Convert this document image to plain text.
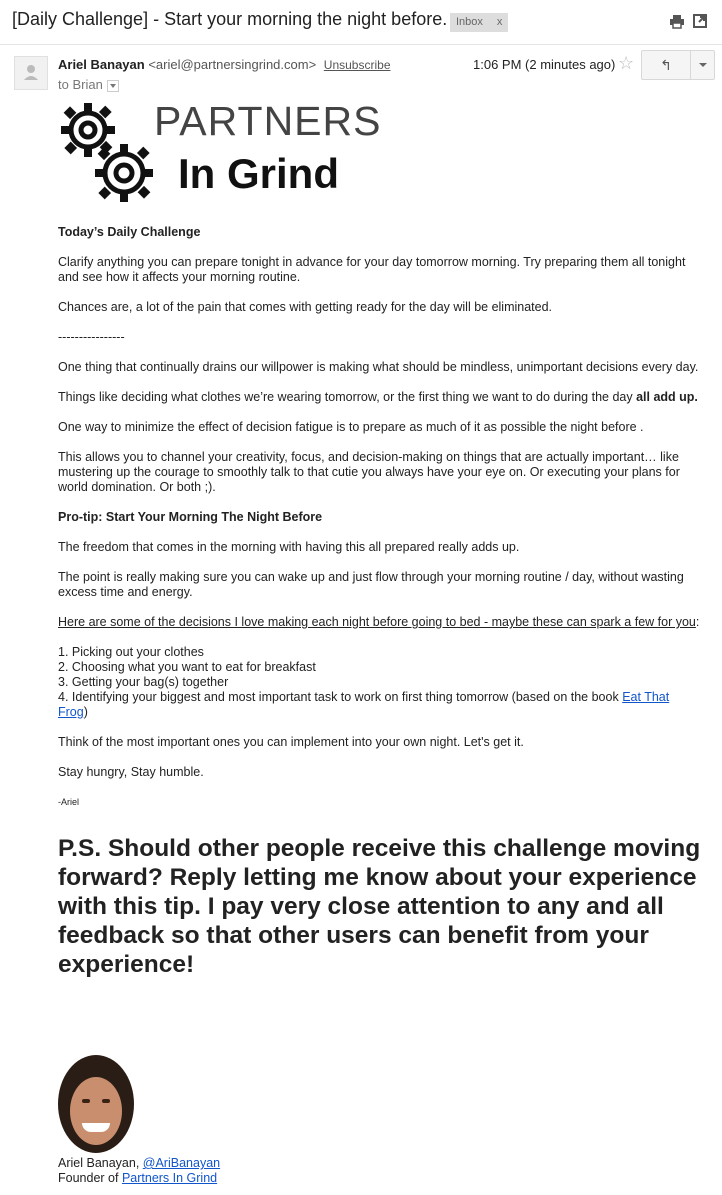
[Daily Challenge] - Start your morning the night before. Inbox x
Ariel Banayan <ariel@partnersingrind.com> Unsubscribe
to Brian
1:06 PM (2 minutes ago) ☆	↰
PARTNERS
In Grind

Today’s Daily Challenge

Clarify anything you can prepare tonight in advance for your day tomorrow morning. Try preparing them all tonight and see how it affects your morning routine.

Chances are, a lot of the pain that comes with getting ready for the day will be eliminated.

----------------

One thing that continually drains our willpower is making what should be mindless, unimportant decisions every day.

Things like deciding what clothes we’re wearing tomorrow, or the first thing we want to do during the day all add up.

One way to minimize the effect of decision fatigue is to prepare as much of it as possible the night before .

This allows you to channel your creativity, focus, and decision-making on things that are actually important… like mustering up the courage to smoothly talk to that cutie you always have your eye on. Or executing your plans for world domination. Or both ;).

Pro-tip: Start Your Morning The Night Before

The freedom that comes in the morning with having this all prepared really adds up.

The point is really making sure you can wake up and just flow through your morning routine / day, without wasting excess time and energy.

Here are some of the decisions I love making each night before going to bed - maybe these can spark a few for you:

1. Picking out your clothes
2. Choosing what you want to eat for breakfast
3. Getting your bag(s) together
4. Identifying your biggest and most important task to work on first thing tomorrow (based on the book Eat That Frog)

Think of the most important ones you can implement into your own night. Let's get it.

Stay hungry, Stay humble.

-Ariel

P.S. Should other people receive this challenge moving forward? Reply letting me know about your experience with this tip. I pay very close attention to any and all feedback so that other users can benefit from your experience!
Ariel Banayan, @AriBanayan
Founder of Partners In Grind
